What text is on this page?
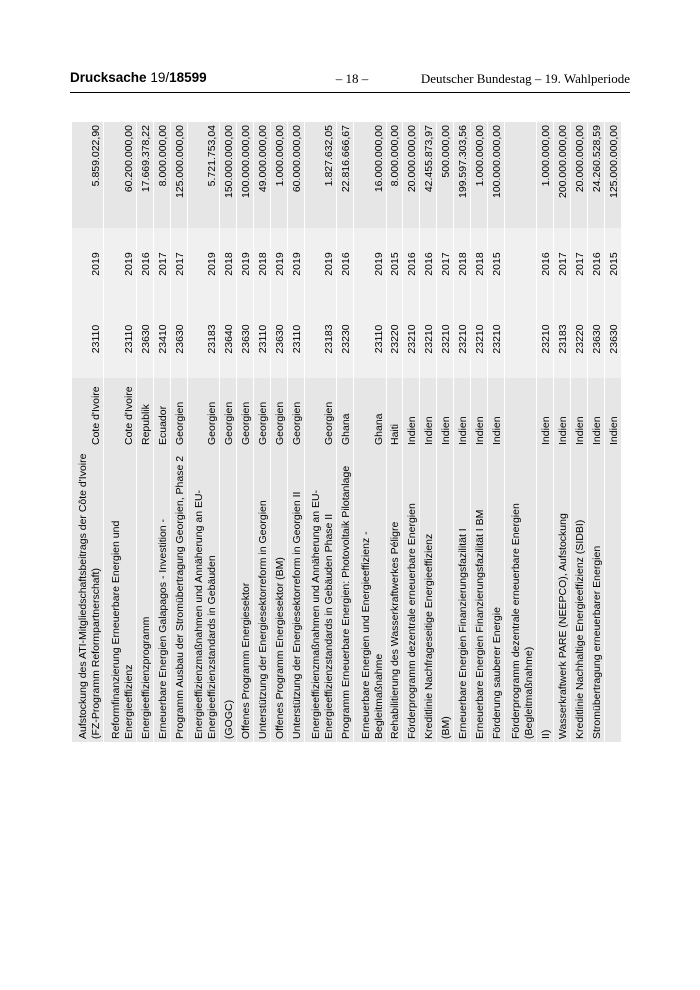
Drucksache 19/18599	– 18 –	Deutscher Bundestag – 19. Wahlperiode
Aufstockung des ATI-Mitgliedschaftsbeitrags der Côte d'Ivoire (FZ-Programm Reformpartnerschaft)	Cote d'Ivoire	23110	2019	5.859.022,90
Reformfinanzierung Erneuerbare Energien und Energieeffizienz	Cote d'Ivoire	23110	2019	60.200.000,00
Energieeffizienzprogramm	Republik	23630	2016	17.669.378,22
Erneuerbare Energien Galapagos - Investition -	Ecuador	23410	2017	8.000.000,00
Programm Ausbau der Stromübertragung Georgien, Phase 2	Georgien	23630	2017	125.000.000,00
Energieeffizienzmaßnahmen und Annäherung an EU-Energieeffizienzstandards in Gebäuden	Georgien	23183	2019	5.721.753,04
(GOGC)	Georgien	23640	2018	150.000.000,00
Offenes Programm Energiesektor	Georgien	23630	2019	100.000.000,00
Unterstützung der Energiesektorreform in Georgien	Georgien	23110	2018	49.000.000,00
Offenes Programm Energiesektor (BM)	Georgien	23630	2019	1.000.000,00
Unterstützung der Energiesektorreform in Georgien II	Georgien	23110	2019	60.000.000,00
Energieeffizienzmaßnahmen und Annäherung an EU-Energieeffizienzstandards in Gebäuden Phase II	Georgien	23183	2019	1.827.632,05
Programm Erneuerbare Energien: Photovoltaik Pilotanlage	Ghana	23230	2016	22.816.666,67
Erneuerbare Energien und Energieeffizienz - Begleitmaßnahme	Ghana	23110	2019	16.000.000,00
Rehabilitierung des Wasserkraftwerkes Péligre	Haiti	23220	2015	8.000.000,00
Förderprogramm dezentrale erneuerbare Energien	Indien	23210	2016	20.000.000,00
Kreditlinie Nachfrageseitige Energieeffizienz	Indien	23210	2016	42.455.873,97
(BM)	Indien	23210	2017	500.000,00
Erneuerbare Energien Finanzierungsfazilität I	Indien	23210	2018	199.597.303,56
Erneuerbare Energien Finanzierungsfazilität I BM	Indien	23210	2018	1.000.000,00
Förderung sauberer Energie	Indien	23210	2015	100.000.000,00
Förderprogramm dezentrale erneuerbare Energien (Begleitmaßnahme)				
II)	Indien	23210	2016	1.000.000,00
Wasserkraftwerk PARE (NEEPCO), Aufstockung	Indien	23183	2017	200.000.000,00
Kreditlinie Nachhaltige Energieeffizienz (SIDBI)	Indien	23220	2017	20.000.000,00
Stromübertragung erneuerbarer Energien	Indien	23630	2016	24.260.528,59
	Indien	23630	2015	125.000.000,00
